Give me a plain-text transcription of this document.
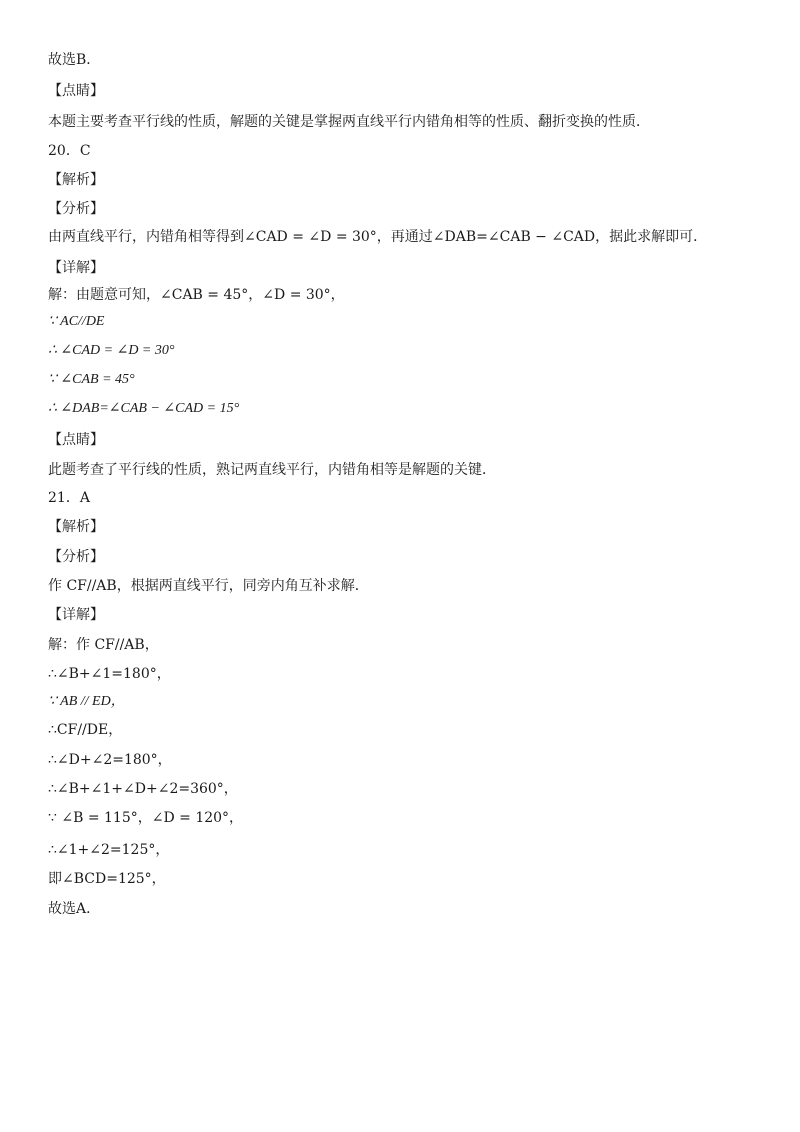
故选B．
【点睛】
本题主要考查平行线的性质，解题的关键是掌握两直线平行内错角相等的性质、翻折变换的性质．
20．C
【解析】
【分析】
由两直线平行，内错角相等得到∠CAD = ∠D = 30°，再通过∠DAB=∠CAB − ∠CAD，据此求解即可．
【详解】
解：由题意可知，∠CAB = 45°，∠D = 30°，
∵ AC//DE
∴ ∠CAD = ∠D = 30°
∵ ∠CAB = 45°
∴ ∠DAB=∠CAB − ∠CAD = 15°
【点睛】
此题考查了平行线的性质，熟记两直线平行，内错角相等是解题的关键．
21．A
【解析】
【分析】
作 CF//AB，根据两直线平行，同旁内角互补求解．
【详解】
解：作 CF//AB，
∴∠B+∠1=180°，
∵ AB // ED，
∴CF//DE，
∴∠D+∠2=180°，
∴∠B+∠1+∠D+∠2=360°，
∵ ∠B = 115°，∠D = 120°，
∴∠1+∠2=125°，
即∠BCD=125°，
故选A．
